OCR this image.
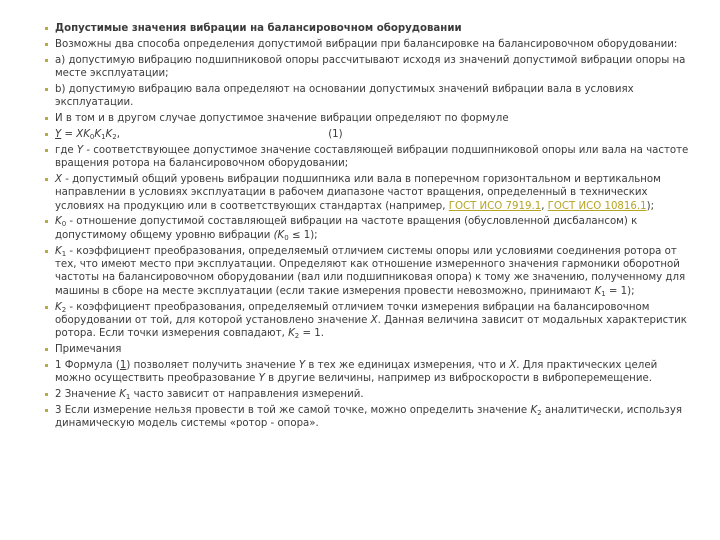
Допустимые значения вибрации на балансировочном оборудовании
Возможны два способа определения допустимой вибрации при балансировке на балансировочном оборудовании:
а) допустимую вибрацию подшипниковой опоры рассчитывают исходя из значений допустимой вибрации опоры на месте эксплуатации;
b) допустимую вибрацию вала определяют на основании допустимых значений вибрации вала в условиях эксплуатации.
И в том и в другом случае допустимое значение вибрации определяют по формуле
$Y = XK_0K_1K_2$,	(1)
где Y - соответствующее допустимое значение составляющей вибрации подшипниковой опоры или вала на частоте вращения ротора на балансировочном оборудовании;
X - допустимый общий уровень вибрации подшипника или вала в поперечном горизонтальном и вертикальном направлении в условиях эксплуатации в рабочем диапазоне частот вращения, определенный в технических условиях на продукцию или в соответствующих стандартах (например, ГОСТ ИСО 7919.1, ГОСТ ИСО 10816.1);
$K_0$ - отношение допустимой составляющей вибрации на частоте вращения (обусловленной дисбалансом) к допустимому общему уровню вибрации $(K_0 \le 1)$;
$K_1$ - коэффициент преобразования, определяемый отличием системы опоры или условиями соединения ротора от тех, что имеют место при эксплуатации. Определяют как отношение измеренного значения гармоники оборотной частоты на балансировочном оборудовании (вал или подшипниковая опора) к тому же значению, полученному для машины в сборе на месте эксплуатации (если такие измерения провести невозможно, принимают $K_1 = 1$);
$K_2$ - коэффициент преобразования, определяемый отличием точки измерения вибрации на балансировочном оборудовании от той, для которой установлено значение X. Данная величина зависит от модальных характеристик ротора. Если точки измерения совпадают, $K_2 = 1$.
Примечания
1 Формула (1) позволяет получить значение Y в тех же единицах измерения, что и X. Для практических целей можно осуществить преобразование Y в другие величины, например из виброскорости в виброперемещение.
2 Значение $K_1$ часто зависит от направления измерений.
3 Если измерение нельзя провести в той же самой точке, можно определить значение $K_2$ аналитически, используя динамическую модель системы «ротор - опора».
